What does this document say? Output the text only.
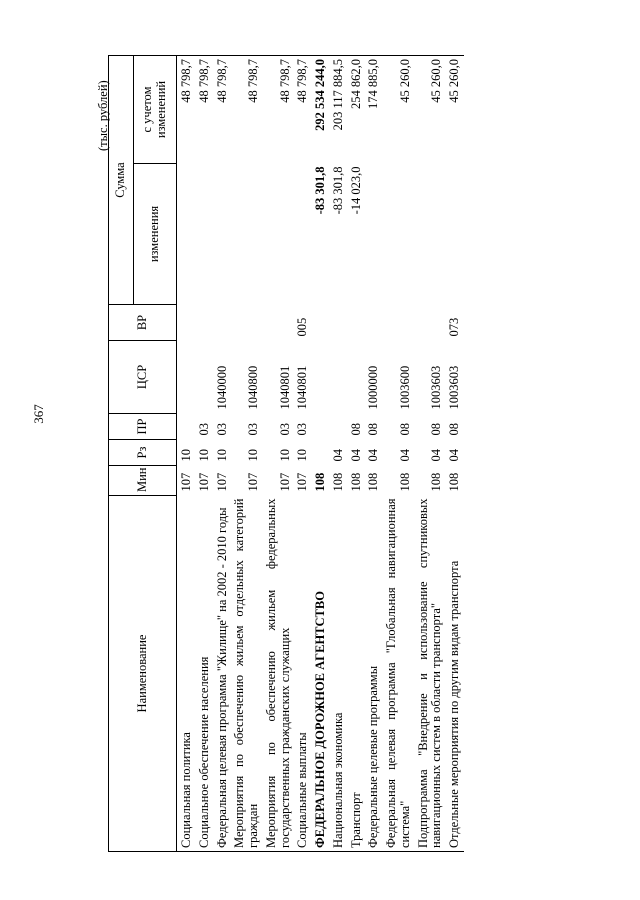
367
(тыс. рублей)
Наименование	Мин	Рз	ПР	ЦСР	ВР	Сумма	
						изменения	с учетом изменений
Социальная политика	107	10					48 798,7
Социальное обеспечение населения	107	10	03				48 798,7
Федеральная целевая программа "Жилище" на 2002 - 2010 годы	107	10	03	1040000			48 798,7
Мероприятия по обеспечению жильем отдельных категорий граждан	107	10	03	1040800			48 798,7
Мероприятия по обеспечению жильем федеральных государственных гражданских служащих	107	10	03	1040801			48 798,7
Социальные выплаты	107	10	03	1040801	005		48 798,7
ФЕДЕРАЛЬНОЕ ДОРОЖНОЕ АГЕНТСТВО	108					-83 301,8	292 534 244,0
Национальная экономика	108	04				-83 301,8	203 117 884,5
Транспорт	108	04	08			-14 023,0	254 862,0
Федеральные целевые программы	108	04	08	1000000			174 885,0
Федеральная целевая программа "Глобальная навигационная система"	108	04	08	1003600			45 260,0
Подпрограмма "Внедрение и использование спутниковых навигационных систем в области транспорта"	108	04	08	1003603			45 260,0
Отдельные мероприятия по другим видам транспорта	108	04	08	1003603	073		45 260,0
